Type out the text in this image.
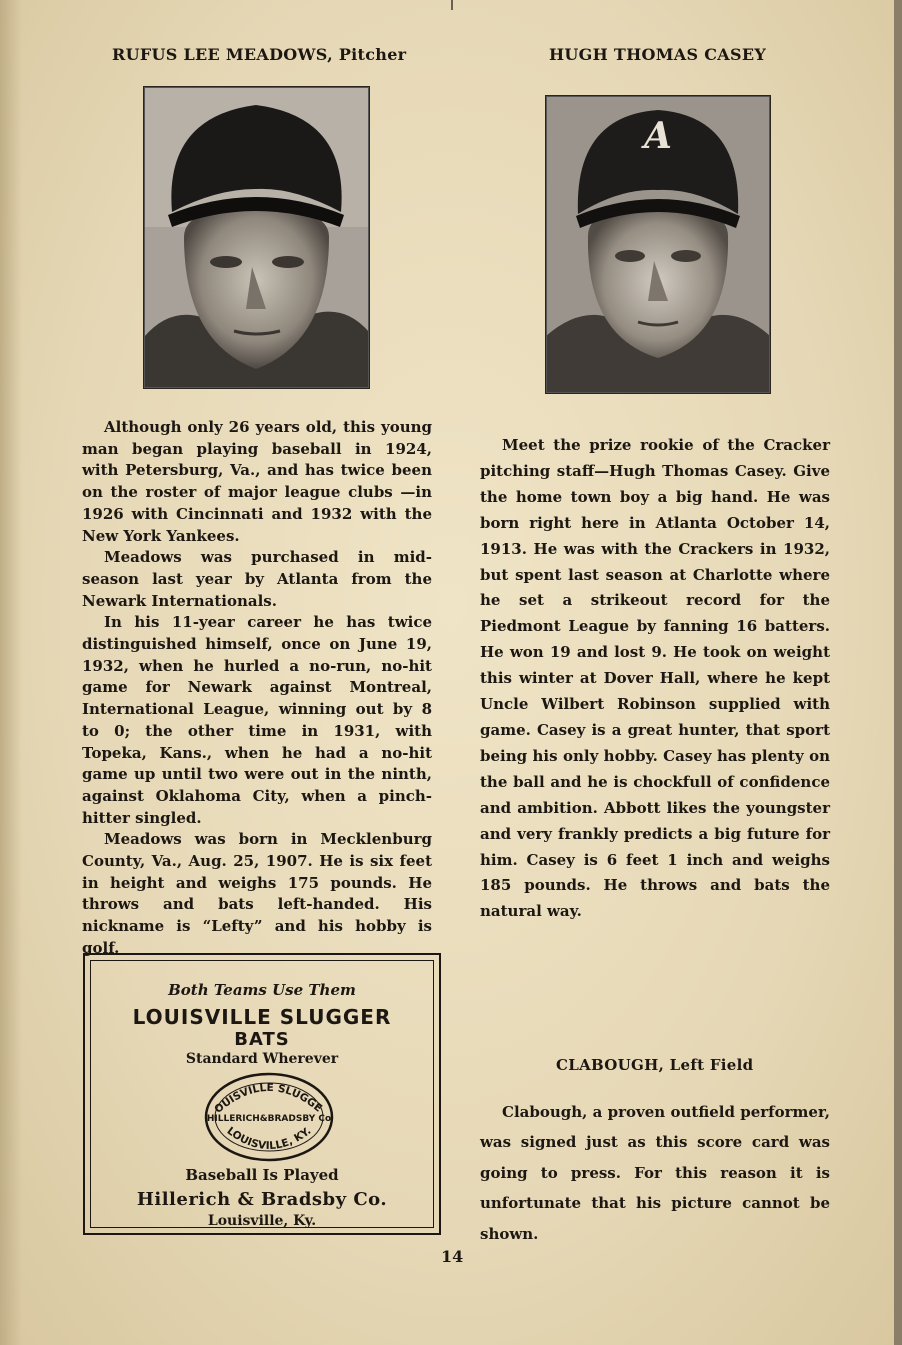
RUFUS LEE MEADOWS, Pitcher

Although only 26 years old, this young man began playing baseball in 1924, with Petersburg, Va., and has twice been on the roster of major league clubs —in 1926 with Cincinnati and 1932 with the New York Yankees.

Meadows was purchased in mid-season last year by Atlanta from the Newark Internationals.

In his 11-year career he has twice distinguished himself, once on June 19, 1932, when he hurled a no-run, no-hit game for Newark against Montreal, International League, winning out by 8 to 0; the other time in 1931, with Topeka, Kans., when he had a no-hit game up until two were out in the ninth, against Oklahoma City, when a pinch-hitter singled.

Meadows was born in Mecklenburg County, Va., Aug. 25, 1907. He is six feet in height and weighs 175 pounds. He throws and bats left-handed. His nickname is “Lefty” and his hobby is golf.

Both Teams Use Them
LOUISVILLE SLUGGER
BATS
Standard Wherever
OUISVILLE SLUGGE
HILLERICH&BRADSBY Co
LOUISVILLE, KY.
Baseball Is Played
Hillerich & Bradsby Co.
Louisville, Ky.
HUGH THOMAS CASEY
A

Meet the prize rookie of the Cracker pitching staff—Hugh Thomas Casey. Give the home town boy a big hand. He was born right here in Atlanta October 14, 1913. He was with the Crackers in 1932, but spent last season at Charlotte where he set a strikeout record for the Piedmont League by fanning 16 batters. He won 19 and lost 9. He took on weight this winter at Dover Hall, where he kept Uncle Wilbert Robinson supplied with game. Casey is a great hunter, that sport being his only hobby. Casey has plenty on the ball and he is chockfull of confidence and ambition. Abbott likes the youngster and very frankly predicts a big future for him. Casey is 6 feet 1 inch and weighs 185 pounds. He throws and bats the natural way.

CLABOUGH, Left Field

Clabough, a proven outfield performer, was signed just as this score card was going to press. For this reason it is unfortunate that his picture cannot be shown.

14
